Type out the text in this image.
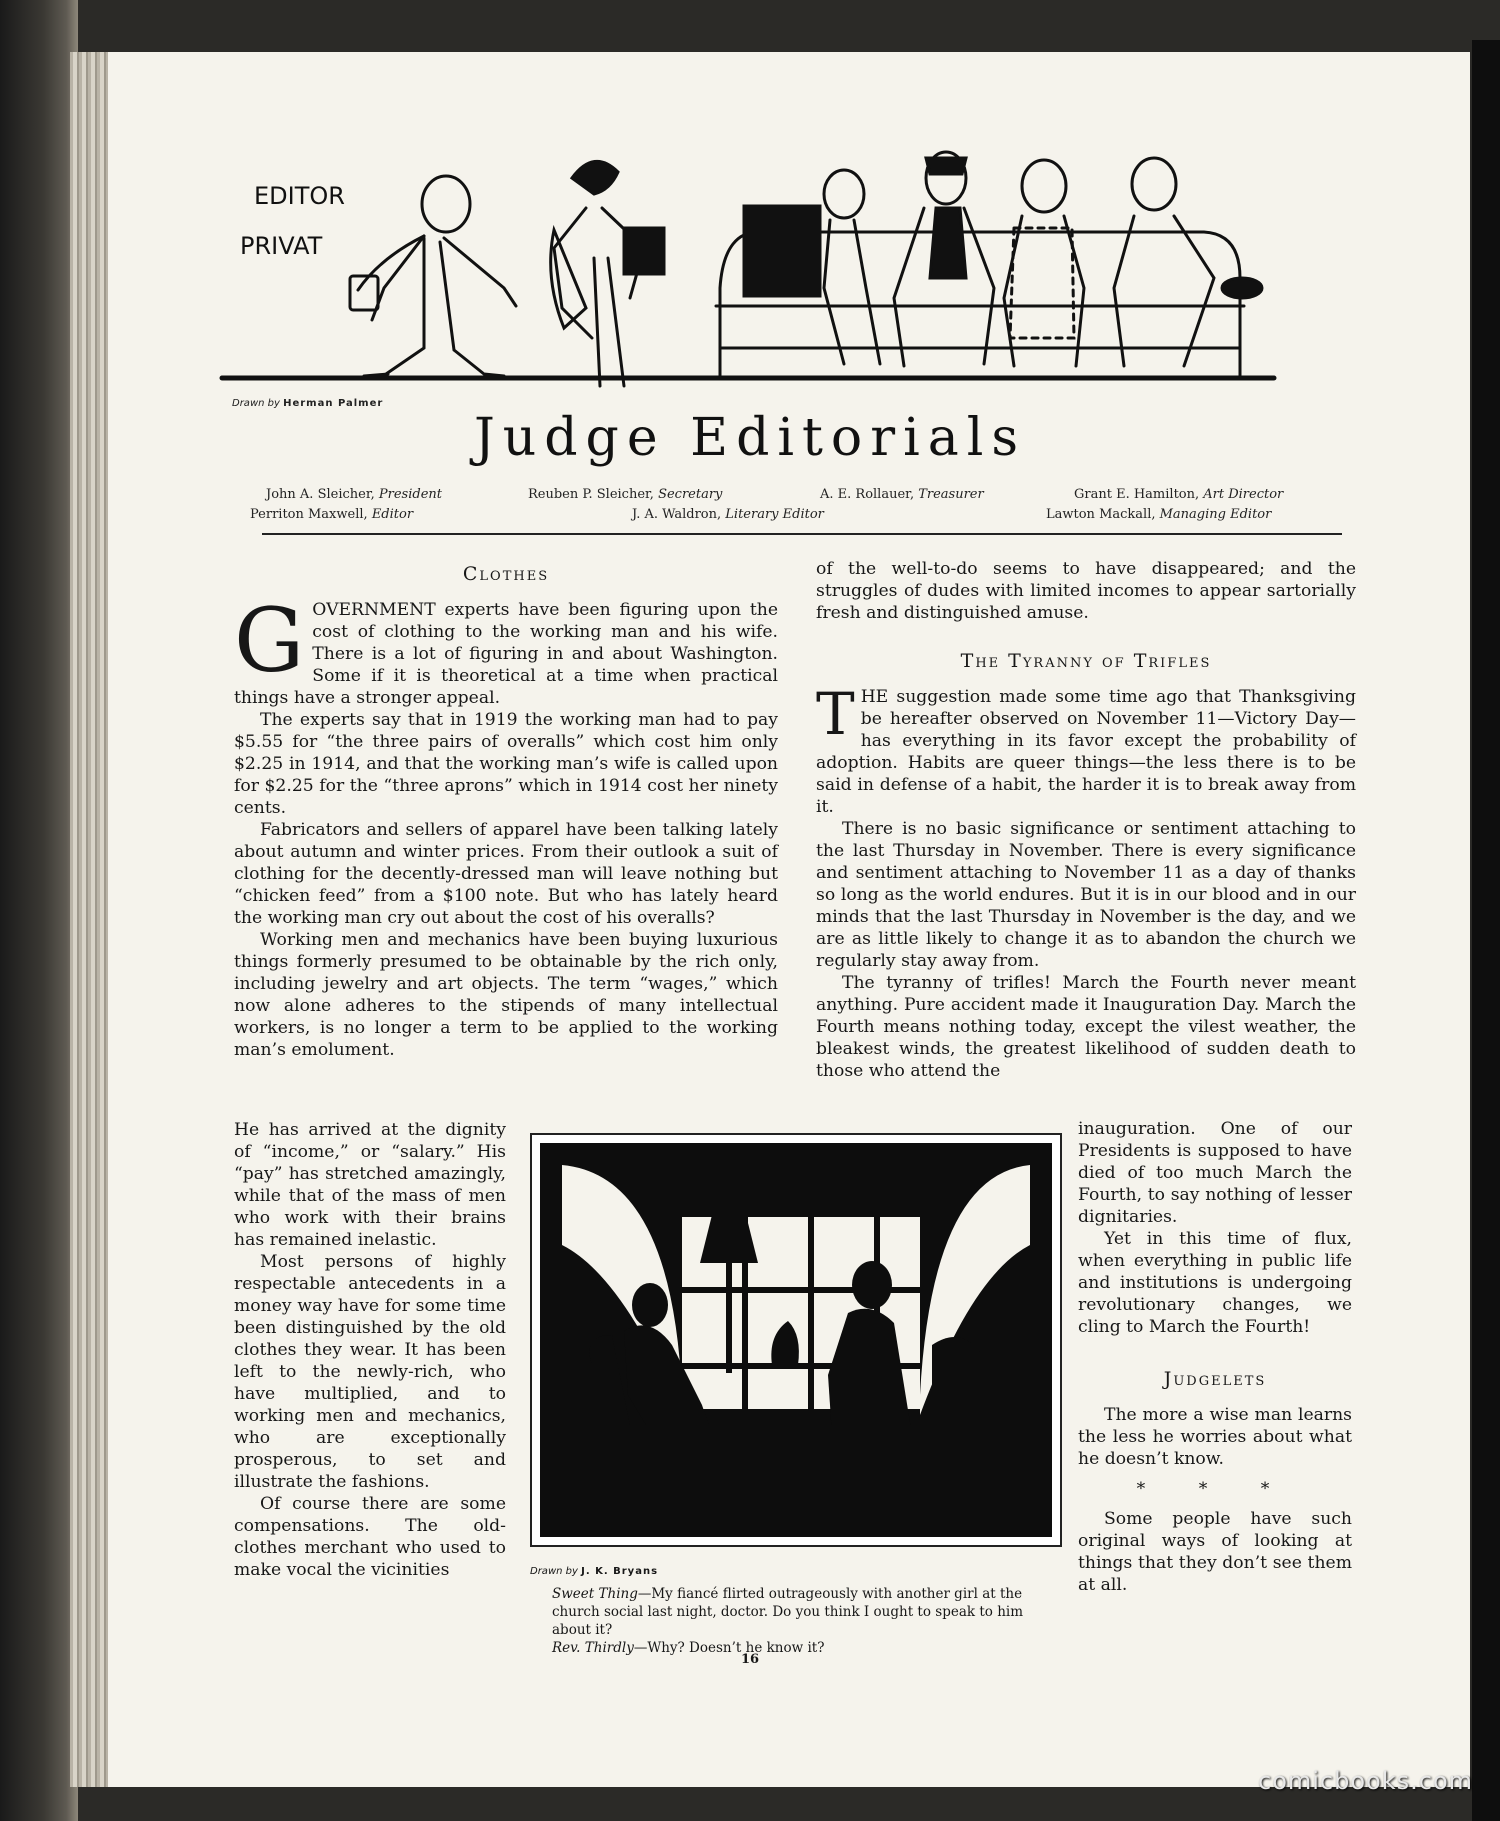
EDITOR
PRIVAT
Drawn by Herman Palmer
Judge Editorials
John A. Sleicher, President	Reuben P. Sleicher, Secretary	A. E. Rollauer, Treasurer	Grant E. Hamilton, Art Director
Perriton Maxwell, Editor	J. A. Waldron, Literary Editor	Lawton Mackall, Managing Editor
Clothes

GOVERNMENT experts have been figuring upon the cost of clothing to the working man and his wife. There is a lot of figuring in and about Washington. Some if it is theoretical at a time when practical things have a stronger appeal.

The experts say that in 1919 the working man had to pay $5.55 for “the three pairs of overalls” which cost him only $2.25 in 1914, and that the working man’s wife is called upon for $2.25 for the “three aprons” which in 1914 cost her ninety cents.

Fabricators and sellers of apparel have been talking lately about autumn and winter prices. From their outlook a suit of clothing for the decently-dressed man will leave nothing but “chicken feed” from a $100 note. But who has lately heard the working man cry out about the cost of his overalls?

Working men and mechanics have been buying luxurious things formerly presumed to be obtainable by the rich only, including jewelry and art objects. The term “wages,” which now alone adheres to the stipends of many intellectual workers, is no longer a term to be applied to the working man’s emolument.

He has arrived at the dignity of “income,” or “salary.” His “pay” has stretched amazingly, while that of the mass of men who work with their brains has remained inelastic.

Most persons of highly respectable antecedents in a money way have for some time been distinguished by the old clothes they wear. It has been left to the newly-rich, who have multiplied, and to working men and mechanics, who are exceptionally prosperous, to set and illustrate the fashions.

Of course there are some compensations. The old-clothes merchant who used to make vocal the vicinities

of the well-to-do seems to have disappeared; and the struggles of dudes with limited incomes to appear sartorially fresh and distinguished amuse.

The Tyranny of Trifles

THE suggestion made some time ago that Thanksgiving be hereafter observed on November 11—Victory Day—has everything in its favor except the probability of adoption. Habits are queer things—the less there is to be said in defense of a habit, the harder it is to break away from it.

There is no basic significance or sentiment attaching to the last Thursday in November. There is every significance and sentiment attaching to November 11 as a day of thanks so long as the world endures. But it is in our blood and in our minds that the last Thursday in November is the day, and we are as little likely to change it as to abandon the church we regularly stay away from.

The tyranny of trifles! March the Fourth never meant anything. Pure accident made it Inauguration Day. March the Fourth means nothing today, except the vilest weather, the bleakest winds, the greatest likelihood of sudden death to those who attend the

inauguration. One of our Presidents is supposed to have died of too much March the Fourth, to say nothing of lesser dignitaries.

Yet in this time of flux, when everything in public life and institutions is undergoing revolutionary changes, we cling to March the Fourth!

Judgelets

The more a wise man learns the less he worries about what he doesn’t know.

* * *

Some people have such original ways of looking at things that they don’t see them at all.

Drawn by J. K. Bryans

Sweet Thing—My fiancé flirted outrageously with another girl at the church social last night, doctor. Do you think I ought to speak to him about it?

Rev. Thirdly—Why? Doesn’t he know it?

16
comicbooks.com
